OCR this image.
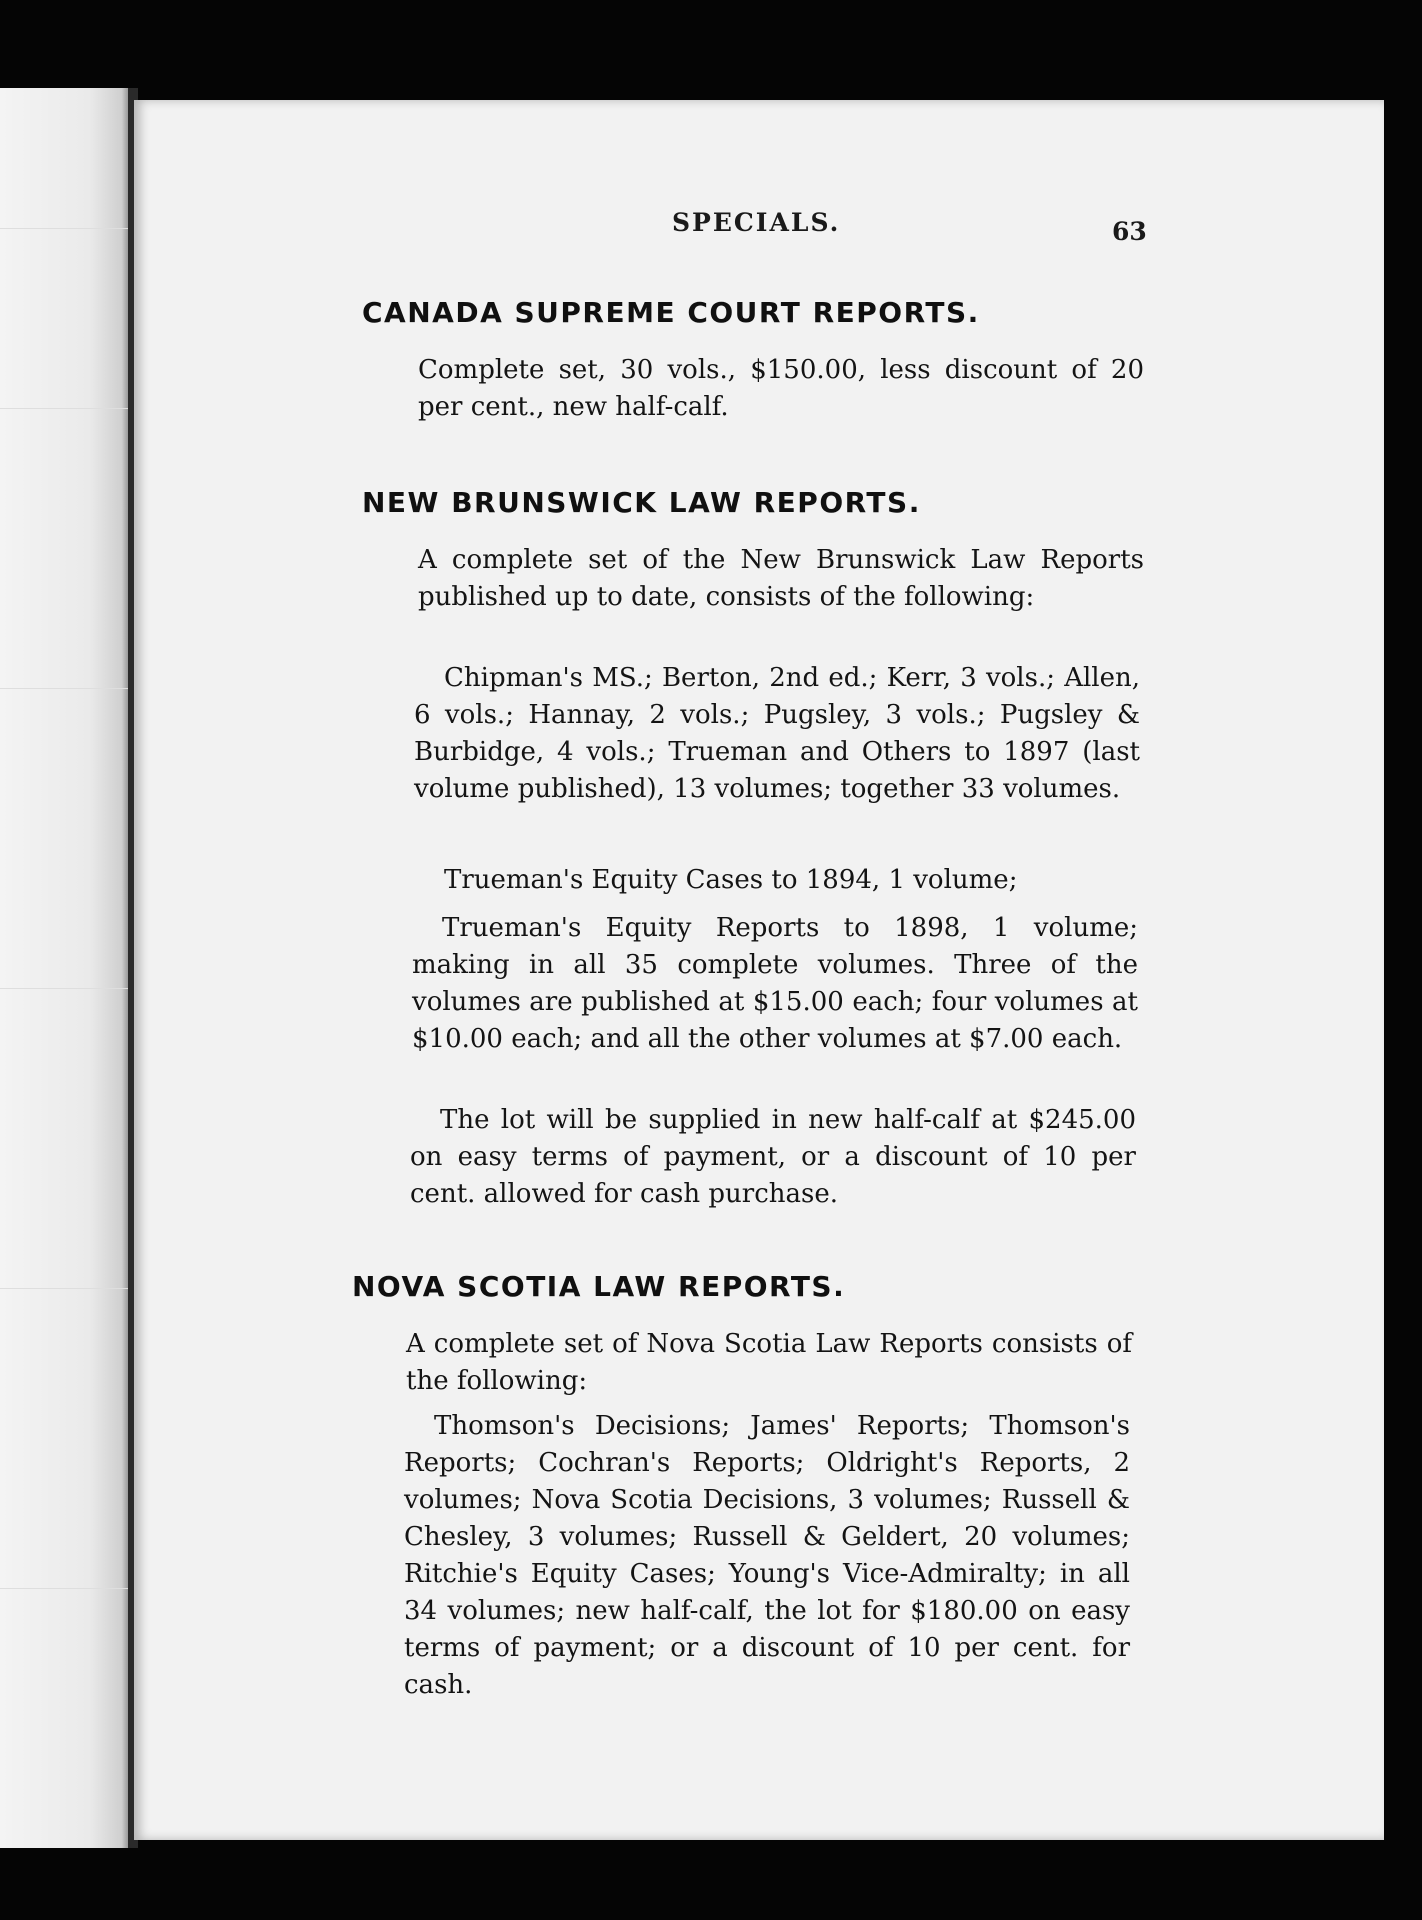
SPECIALS.	63
CANADA SUPREME COURT REPORTS.

Complete set, 30 vols., $150.00, less discount of 20 per cent., new half-calf.

NEW BRUNSWICK LAW REPORTS.

A complete set of the New Brunswick Law Reports published up to date, consists of the following:

Chipman's MS.; Berton, 2nd ed.; Kerr, 3 vols.; Allen, 6 vols.; Hannay, 2 vols.; Pugsley, 3 vols.; Pugsley & Burbidge, 4 vols.; Trueman and Others to 1897 (last volume published), 13 volumes; together 33 volumes.

Trueman's Equity Cases to 1894, 1 volume;

Trueman's Equity Reports to 1898, 1 volume; making in all 35 complete volumes. Three of the volumes are published at $15.00 each; four volumes at $10.00 each; and all the other volumes at $7.00 each.

The lot will be supplied in new half-calf at $245.00 on easy terms of payment, or a discount of 10 per cent. allowed for cash purchase.

NOVA SCOTIA LAW REPORTS.

A complete set of Nova Scotia Law Reports consists of the following:

Thomson's Decisions; James' Reports; Thomson's Reports; Cochran's Reports; Oldright's Reports, 2 volumes; Nova Scotia Decisions, 3 volumes; Russell & Chesley, 3 volumes; Russell & Geldert, 20 volumes; Ritchie's Equity Cases; Young's Vice-Admiralty; in all 34 volumes; new half-calf, the lot for $180.00 on easy terms of payment; or a discount of 10 per cent. for cash.
